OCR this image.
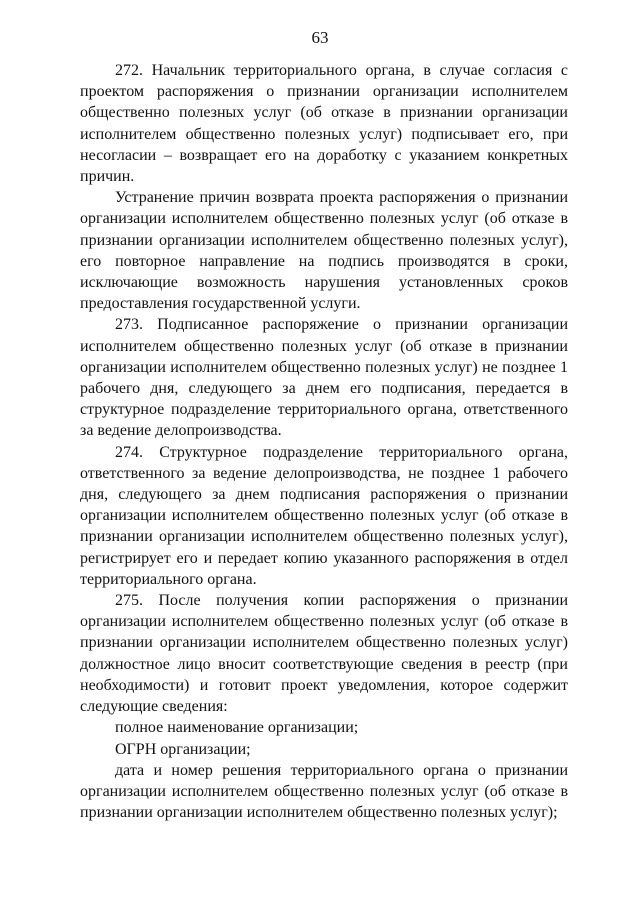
63

272. Начальник территориального органа, в случае согласия с проектом распоряжения о признании организации исполнителем общественно полезных услуг (об отказе в признании организации исполнителем общественно полезных услуг) подписывает его, при несогласии – возвращает его на доработку с указанием конкретных причин.

Устранение причин возврата проекта распоряжения о признании организации исполнителем общественно полезных услуг (об отказе в признании организации исполнителем общественно полезных услуг), его повторное направление на подпись производятся в сроки, исключающие возможность нарушения установленных сроков предоставления государственной услуги.

273. Подписанное распоряжение о признании организации исполнителем общественно полезных услуг (об отказе в признании организации исполнителем общественно полезных услуг) не позднее 1 рабочего дня, следующего за днем его подписания, передается в структурное подразделение территориального органа, ответственного за ведение делопроизводства.

274. Структурное подразделение территориального органа, ответственного за ведение делопроизводства, не позднее 1 рабочего дня, следующего за днем подписания распоряжения о признании организации исполнителем общественно полезных услуг (об отказе в признании организации исполнителем общественно полезных услуг), регистрирует его и передает копию указанного распоряжения в отдел территориального органа.

275. После получения копии распоряжения о признании организации исполнителем общественно полезных услуг (об отказе в признании организации исполнителем общественно полезных услуг) должностное лицо вносит соответствующие сведения в реестр (при необходимости) и готовит проект уведомления, которое содержит следующие сведения:

полное наименование организации;

ОГРН организации;

дата и номер решения территориального органа о признании организации исполнителем общественно полезных услуг (об отказе в признании организации исполнителем общественно полезных услуг);
